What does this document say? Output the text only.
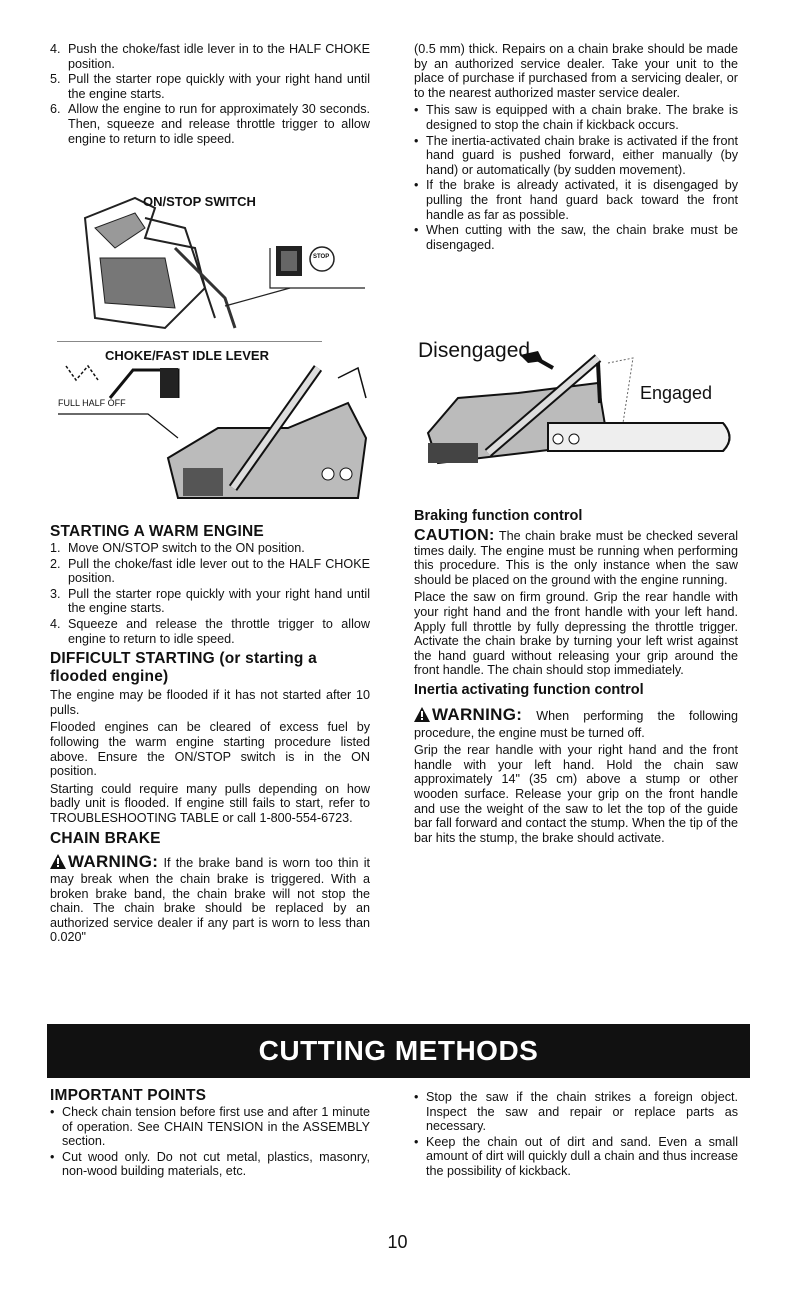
4. Push the choke/fast idle lever in to the HALF CHOKE position.
5. Pull the starter rope quickly with your right hand until the engine starts.
6. Allow the engine to run for approximately 30 seconds. Then, squeeze and release throttle trigger to allow engine to return to idle speed.
ON/STOP SWITCH
STOP
CHOKE/FAST IDLE LEVER
FULL HALF OFF
STARTING A WARM ENGINE
1. Move ON/STOP switch to the ON position.
2. Pull the choke/fast idle lever out to the HALF CHOKE position.
3. Pull the starter rope quickly with your right hand until the engine starts.
4. Squeeze and release the throttle trigger to allow engine to return to idle speed.
DIFFICULT STARTING (or starting a flooded engine)

The engine may be flooded if it has not started after 10 pulls.

Flooded engines can be cleared of excess fuel by following the warm engine starting procedure listed above. Ensure the ON/STOP switch is in the ON position.

Starting could require many pulls depending on how badly unit is flooded. If engine still fails to start, refer to TROUBLESHOOTING TABLE or call 1-800-554-6723.

CHAIN BRAKE

WARNING: If the brake band is worn too thin it may break when the chain brake is triggered. With a broken brake band, the chain brake will not stop the chain. The chain brake should be replaced by an authorized service dealer if any part is worn to less than 0.020"

(0.5 mm) thick. Repairs on a chain brake should be made by an authorized service dealer. Take your unit to the place of purchase if purchased from a servicing dealer, or to the nearest authorized master service dealer.

• This saw is equipped with a chain brake. The brake is designed to stop the chain if kickback occurs.
• The inertia-activated chain brake is activated if the front hand guard is pushed forward, either manually (by hand) or automatically (by sudden movement).
• If the brake is already activated, it is disengaged by pulling the front hand guard back toward the front handle as far as possible.
• When cutting with the saw, the chain brake must be disengaged.
Disengaged
Engaged
Braking function control

CAUTION: The chain brake must be checked several times daily. The engine must be running when performing this procedure. This is the only instance when the saw should be placed on the ground with the engine running.

Place the saw on firm ground. Grip the rear handle with your right hand and the front handle with your left hand. Apply full throttle by fully depressing the throttle trigger. Activate the chain brake by turning your left wrist against the hand guard without releasing your grip around the front handle. The chain should stop immediately.

Inertia activating function control

WARNING: When performing the following procedure, the engine must be turned off.

Grip the rear handle with your right hand and the front handle with your left hand. Hold the chain saw approximately 14" (35 cm) above a stump or other wooden surface. Release your grip on the front handle and use the weight of the saw to let the top of the guide bar fall forward and contact the stump. When the tip of the bar hits the stump, the brake should activate.

CUTTING METHODS
IMPORTANT POINTS
• Check chain tension before first use and after 1 minute of operation. See CHAIN TENSION in the ASSEMBLY section.
• Cut wood only. Do not cut metal, plastics, masonry, non-wood building materials, etc.
• Stop the saw if the chain strikes a foreign object. Inspect the saw and repair or replace parts as necessary.
• Keep the chain out of dirt and sand. Even a small amount of dirt will quickly dull a chain and thus increase the possibility of kickback.
10
